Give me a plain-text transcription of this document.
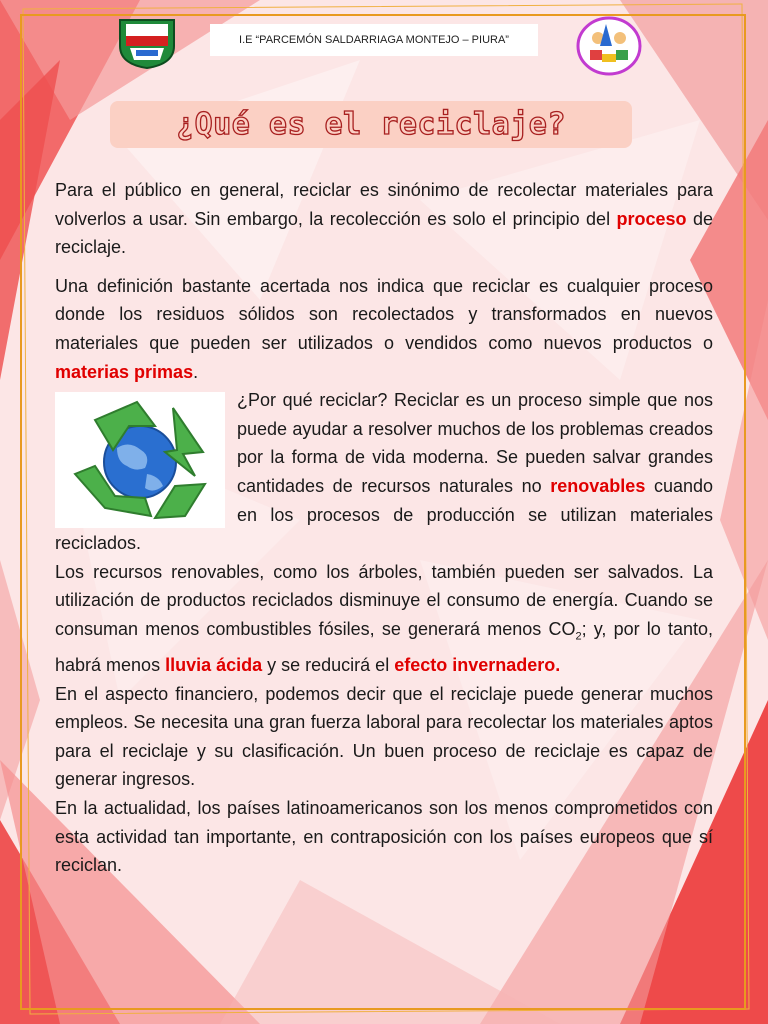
I.E “PARCEMÓN SALDARRIAGA MONTEJO – PIURA”
¿Qué es el reciclaje?

Para el público en general, reciclar es sinónimo de recolectar materiales para volverlos a usar. Sin embargo, la recolección es solo el principio del proceso de reciclaje.

Una definición bastante acertada nos indica que reciclar es cualquier proceso donde los residuos sólidos son recolectados y transformados en nuevos materiales que pueden ser utilizados o vendidos como nuevos productos o materias primas.

¿Por qué reciclar? Reciclar es un proceso simple que nos puede ayudar a resolver muchos de los problemas creados por la forma de vida moderna. Se pueden salvar grandes cantidades de recursos naturales no renovables cuando en los procesos de producción se utilizan materiales reciclados.

Los recursos renovables, como los árboles, también pueden ser salvados. La utilización de productos reciclados disminuye el consumo de energía. Cuando se consuman menos combustibles fósiles, se generará menos $CO_2$; y, por lo tanto, habrá menos lluvia ácida y se reducirá el efecto invernadero.

En el aspecto financiero, podemos decir que el reciclaje puede generar muchos empleos. Se necesita una gran fuerza laboral para recolectar los materiales aptos para el reciclaje y su clasificación. Un buen proceso de reciclaje es capaz de generar ingresos.

En la actualidad, los países latinoamericanos son los menos comprometidos con esta actividad tan importante, en contraposición con los países europeos que sí reciclan.
